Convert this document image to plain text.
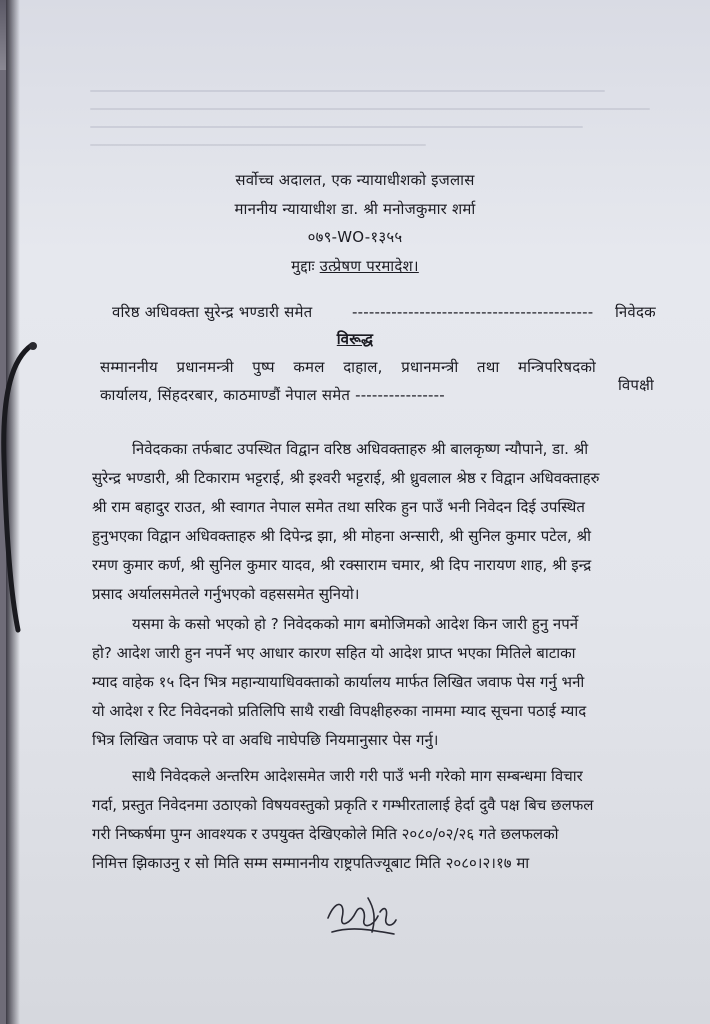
सर्वोच्च अदालत, एक न्यायाधीशको इजलास
माननीय न्यायाधीश डा. श्री मनोजकुमार शर्मा
०७९-WO-१३५५
मुद्दाः उत्प्रेषण परमादेश।
वरिष्ठ अधिवक्ता सुरेन्द्र भण्डारी समेत	------------------------------------------- निवेदक
विरूद्ध
सम्माननीय प्रधानमन्त्री पुष्प कमल दाहाल, प्रधानमन्त्री तथा मन्त्रिपरिषदको
कार्यालय, सिंहदरबार, काठमाण्डौं नेपाल समेत ----------------
विपक्षी
निवेदकका तर्फबाट उपस्थित विद्वान वरिष्ठ अधिवक्ताहरु श्री बालकृष्ण न्यौपाने, डा. श्री
सुरेन्द्र भण्डारी, श्री टिकाराम भट्टराई, श्री इश्वरी भट्टराई, श्री ध्रुवलाल श्रेष्ठ र विद्वान अधिवक्ताहरु
श्री राम बहादुर राउत, श्री स्वागत नेपाल समेत तथा सरिक हुन पाउँ भनी निवेदन दिई उपस्थित
हुनुभएका विद्वान अधिवक्ताहरु श्री दिपेन्द्र झा, श्री मोहना अन्सारी, श्री सुनिल कुमार पटेल, श्री
रमण कुमार कर्ण, श्री सुनिल कुमार यादव, श्री रक्साराम चमार, श्री दिप नारायण शाह, श्री इन्द्र
प्रसाद अर्यालसमेतले गर्नुभएको वहससमेत सुनियो।
यसमा के कसो भएको हो ? निवेदकको माग बमोजिमको आदेश किन जारी हुनु नपर्ने
हो? आदेश जारी हुन नपर्ने भए आधार कारण सहित यो आदेश प्राप्त भएका मितिले बाटाका
म्याद वाहेक १५ दिन भित्र महान्यायाधिवक्ताको कार्यालय मार्फत लिखित जवाफ पेस गर्नु भनी
यो आदेश र रिट निवेदनको प्रतिलिपि साथै राखी विपक्षीहरुका नाममा म्याद सूचना पठाई म्याद
भित्र लिखित जवाफ परे वा अवधि नाघेपछि नियमानुसार पेस गर्नु।
साथै निवेदकले अन्तरिम आदेशसमेत जारी गरी पाउँ भनी गरेको माग सम्बन्धमा विचार
गर्दा, प्रस्तुत निवेदनमा उठाएको विषयवस्तुको प्रकृति र गम्भीरतालाई हेर्दा दुवै पक्ष बिच छलफल
गरी निष्कर्षमा पुग्न आवश्यक र उपयुक्त देखिएकोले मिति २०८०/०२/२६ गते छलफलको
निमित्त झिकाउनु र सो मिति सम्म सम्माननीय राष्ट्रपतिज्यूबाट मिति २०८०।२।१७ मा
